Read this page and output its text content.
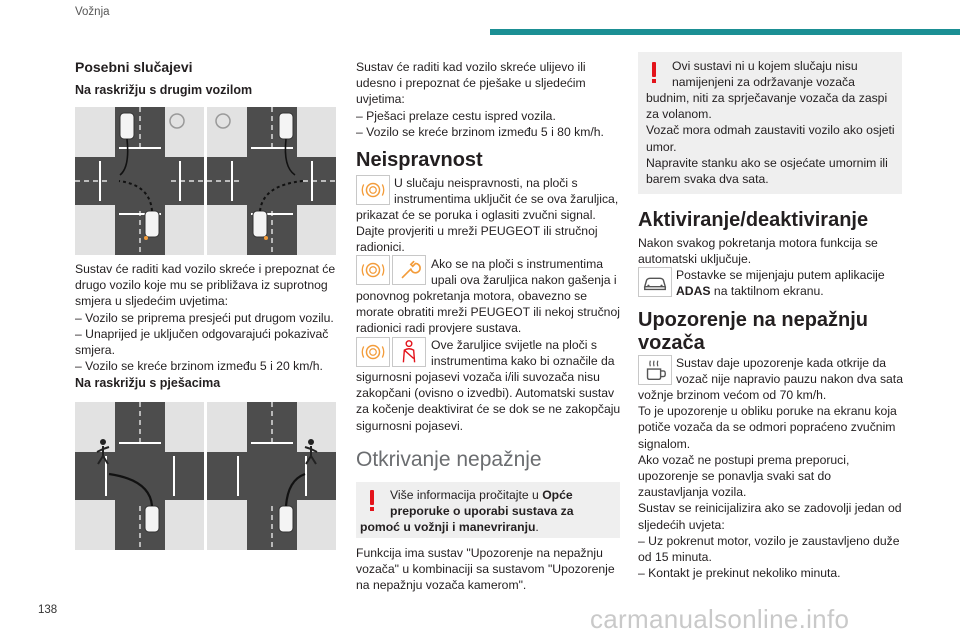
Vožnja
138	carmanualsonline.info
Posebni slučajevi
Na raskrižju s drugim vozilom

Sustav će raditi kad vozilo skreće i prepoznat će
drugo vozilo koje mu se približava iz suprotnog
smjera u sljedećim uvjetima:
– Vozilo se priprema presjeći put drugom vozilu.
– Unaprijed je uključen odgovarajući pokazivač
smjera.
– Vozilo se kreće brzinom između 5 i 20 km/h.

Na raskrižju s pješacima

Sustav će raditi kad vozilo skreće ulijevo ili
udesno i prepoznat će pješake u sljedećim
uvjetima:
– Pješaci prelaze cestu ispred vozila.
– Vozilo se kreće brzinom između 5 i 80 km/h.

Neispravnost

U slučaju neispravnosti, na ploči s
instrumentima uključit će se ova žaruljica,

prikazat će se poruka i oglasiti zvučni signal.
Dajte provjeriti u mreži PEUGEOT ili stručnoj
radionici.

Ako se na ploči s instrumentima
upali ova žaruljica nakon gašenja i

ponovnog pokretanja motora, obavezno se
morate obratiti mreži PEUGEOT ili nekoj stručnoj
radionici radi provjere sustava.

Ove žaruljice svijetle na ploči s
instrumentima kako bi označile da

sigurnosni pojasevi vozača i/ili suvozača nisu
zakopčani (ovisno o izvedbi). Automatski sustav
za kočenje deaktivirat će se dok se ne zakopčaju
sigurnosni pojasevi.

Otkrivanje nepažnje
Više informacija pročitajte u Opće
preporuke o uporabi sustava za
pomoć u vožnji i manevriranju.

Funkcija ima sustav "Upozorenje na nepažnju
vozača" u kombinaciji sa sustavom "Upozorenje
na nepažnju vozača kamerom".

Ovi sustavi ni u kojem slučaju nisu
namijenjeni za održavanje vozača

budnim, niti za sprječavanje vozača da zaspi
za volanom.
Vozač mora odmah zaustaviti vozilo ako osjeti
umor.
Napravite stanku ako se osjećate umornim ili
barem svaka dva sata.

Aktiviranje/deaktiviranje

Nakon svakog pokretanja motora funkcija se
automatski uključuje.

Postavke se mijenjaju putem aplikacije
ADAS na taktilnom ekranu.
Upozorenje na nepažnju
vozača

Sustav daje upozorenje kada otkrije da
vozač nije napravio pauzu nakon dva sata

vožnje brzinom većom od 70 km/h.
To je upozorenje u obliku poruke na ekranu koja
potiče vozača da se odmori popraćeno zvučnim
signalom.
Ako vozač ne postupi prema preporuci,
upozorenje se ponavlja svaki sat do
zaustavljanja vozila.
Sustav se reinicijalizira ako se zadovolji jedan od
sljedećih uvjeta:
– Uz pokrenut motor, vozilo je zaustavljeno duže
od 15 minuta.
– Kontakt je prekinut nekoliko minuta.
